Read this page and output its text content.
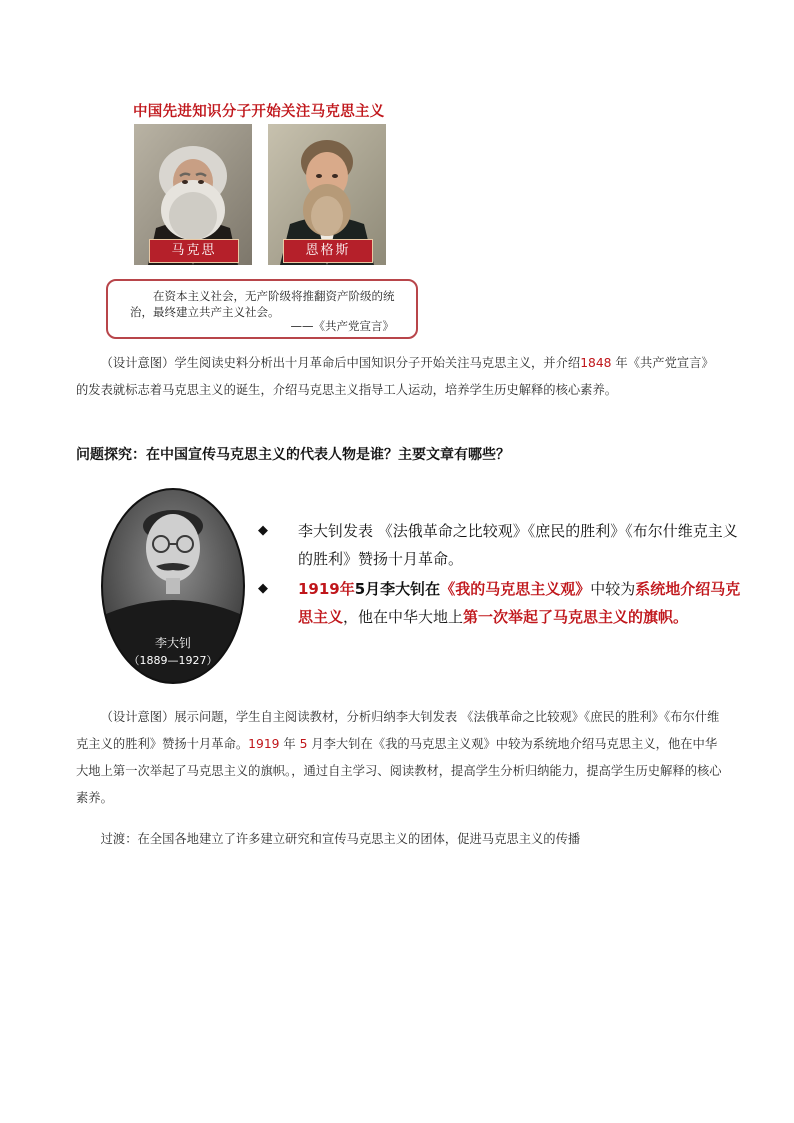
中国先进知识分子开始关注马克思主义
马克思	恩格斯
在资本主义社会，无产阶级将推翻资产阶级的统治，最终建立共产主义社会。
——《共产党宣言》
（设计意图）学生阅读史料分析出十月革命后中国知识分子开始关注马克思主义，并介绍1848 年《共产党宣言》的发表就标志着马克思主义的诞生，介绍马克思主义指导工人运动，培养学生历史解释的核心素养。
问题探究：在中国宣传马克思主义的代表人物是谁？主要文章有哪些？
李大钊
（1889—1927）
◆	李大钊发表 《法俄革命之比较观》《庶民的胜利》《布尔什维克主义的胜利》赞扬十月革命。
◆	1919年5月李大钊在《我的马克思主义观》中较为系统地介绍马克思主义，他在中华大地上第一次举起了马克思主义的旗帜。
（设计意图）展示问题，学生自主阅读教材，分析归纳李大钊发表 《法俄革命之比较观》《庶民的胜利》《布尔什维克主义的胜利》赞扬十月革命。1919 年 5 月李大钊在《我的马克思主义观》中较为系统地介绍马克思主义，他在中华大地上第一次举起了马克思主义的旗帜。，通过自主学习、阅读教材，提高学生分析归纳能力，提高学生历史解释的核心素养。
过渡：在全国各地建立了许多建立研究和宣传马克思主义的团体，促进马克思主义的传播
